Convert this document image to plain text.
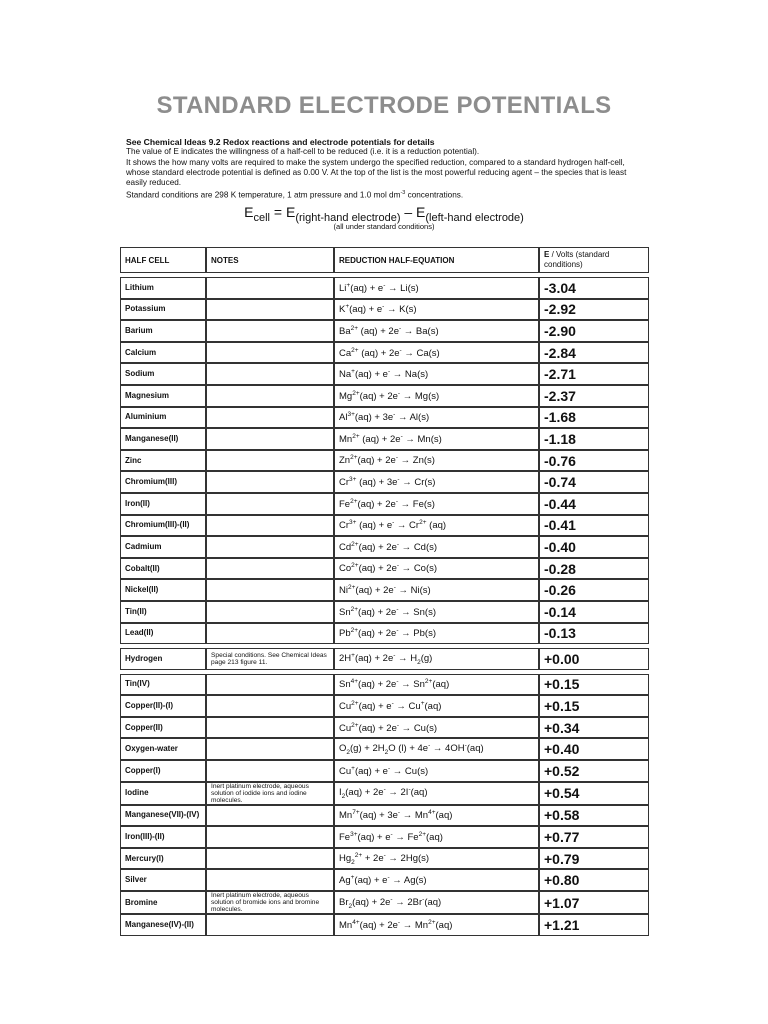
STANDARD ELECTRODE POTENTIALS
See Chemical Ideas 9.2 Redox reactions and electrode potentials for details
The value of E indicates the willingness of a half-cell to be reduced (i.e. it is a reduction potential).
It shows the how many volts are required to make the system undergo the specified reduction, compared to a standard hydrogen half-cell, whose standard electrode potential is defined as 0.00 V. At the top of the list is the most powerful reducing agent – the species that is least easily reduced.
Standard conditions are 298 K temperature, 1 atm pressure and 1.0 mol $dm^{-3}$ concentrations.
$E_{cell} = E_{(right-hand electrode)} - E_{(left-hand electrode)}$
(all under standard conditions)
HALF CELL	NOTES	REDUCTION HALF-EQUATION	E / Volts (standard conditions)

Lithium		Li+(aq) + e- → Li(s)	-3.04
Potassium		K+(aq) + e- → K(s)	-2.92
Barium		$Ba^{2+}$ (aq) + 2e- → Ba(s)	-2.90
Calcium		$Ca^{2+}$ (aq) + 2e- → Ca(s)	-2.84
Sodium		Na+(aq) + e- → Na(s)	-2.71
Magnesium		$Mg^{2+}(aq) + 2e^- \to Mg(s)$	-2.37
Aluminium		$Al^{3+}(aq) + 3e^- \to Al(s)$	-1.68
Manganese(II)		$Mn^{2+}$ (aq) + 2e- → Mn(s)	-1.18
Zinc		$Zn^{2+}(aq) + 2e^- \to Zn(s)$	-0.76
Chromium(III)		$Cr^{3+}$ (aq) + 3e- → Cr(s)	-0.74
Iron(II)		$Fe^{2+}(aq) + 2e^- \to Fe(s)$	-0.44
Chromium(III)-(II)		$Cr^{3+}$ $(aq) + e^- \to Cr^{2+}$ (aq)	-0.41
Cadmium		$Cd^{2+}(aq) + 2e^- \to Cd(s)$	-0.40
Cobalt(II)		$Co^{2+}(aq) + 2e^- \to Co(s)$	-0.28
Nickel(II)		$Ni^{2+}(aq) + 2e^- \to Ni(s)$	-0.26
Tin(II)		$Sn^{2+}(aq) + 2e^- \to Sn(s)$	-0.14
Lead(II)		$Pb^{2+}(aq) + 2e^- \to Pb(s)$	-0.13

Hydrogen	Special conditions. See Chemical Ideas page 213 figure 11.	$2H^+(aq) + 2e^- \to H_2(g)$	+0.00

Tin(IV)		$Sn^{4+}(aq) + 2e^- \to Sn^{2+}(aq)$	+0.15
Copper(II)-(I)		$Cu^{2+}(aq) + e^- \to Cu^+(aq)$	+0.15
Copper(II)		$Cu^{2+}(aq) + 2e^- \to Cu(s)$	+0.34
Oxygen-water		$O_2(g) + 2H_2O$ (l) + 4e- → 4OH-(aq)	+0.40
Copper(I)		Cu+(aq) + e- → Cu(s)	+0.52
Iodine	Inert platinum electrode, aqueous solution of iodide ions and iodine molecules.	$I_2(aq) + 2e^- \to 2I^-(aq)$	+0.54
Manganese(VII)-(IV)		$Mn^{7+}(aq) + 3e^- \to Mn^{4+}(aq)$	+0.58
Iron(III)-(II)		$Fe^{3+}(aq) + e^- \to Fe^{2+}(aq)$	+0.77
Mercury(I)		$Hg_2^{2+} + 2e^- \to 2Hg(s)$	+0.79
Silver		Ag+(aq) + e- → Ag(s)	+0.80
Bromine	Inert platinum electrode, aqueous solution of bromide ions and bromine molecules.	$Br_2(aq) + 2e^- \to 2Br^-(aq)$	+1.07
Manganese(IV)-(II)		$Mn^{4+}(aq) + 2e^- \to Mn^{2+}(aq)$	+1.21
